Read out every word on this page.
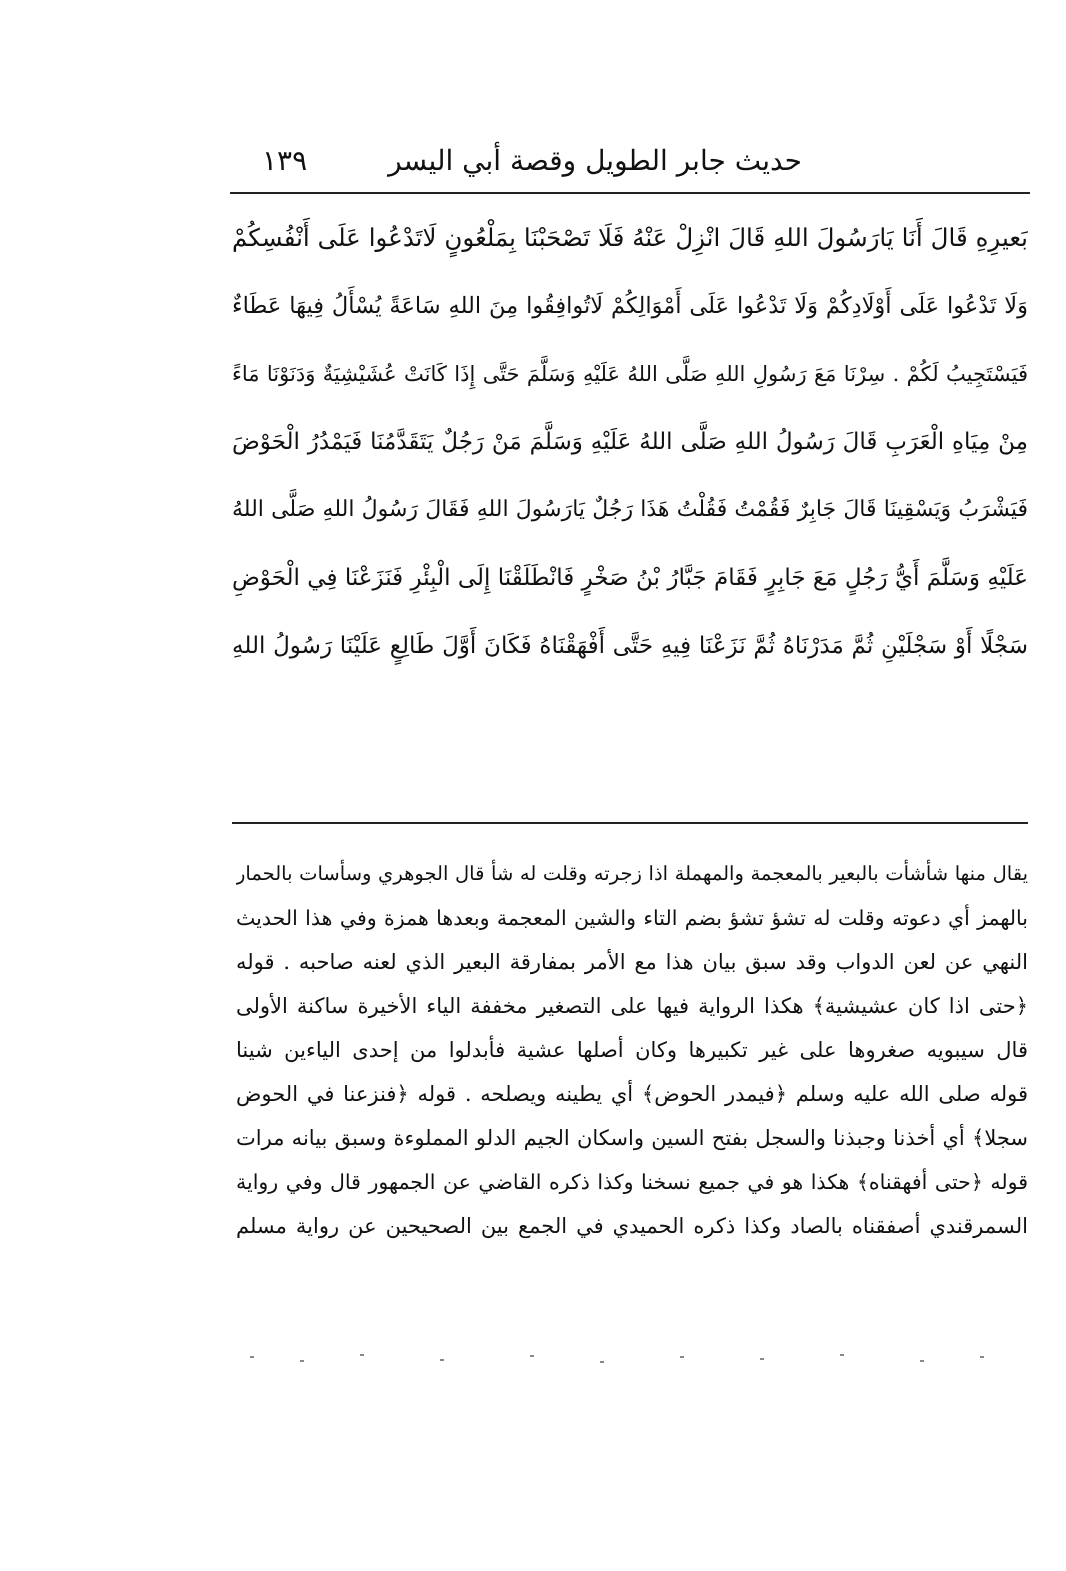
حديث جابر الطويل وقصة أبي اليسر
١٣٩
بَعيرِهِ قَالَ أَنَا يَارَسُولَ اللهِ قَالَ انْزِلْ عَنْهُ فَلَا تَصْحَبْنَا بِمَلْعُونٍ لَاتَدْعُوا عَلَى أَنْفُسِكُمْ
وَلَا تَدْعُوا عَلَى أَوْلَادِكُمْ وَلَا تَدْعُوا عَلَى أَمْوَالِكُمْ لَاتُوافِقُوا مِنَ اللهِ سَاعَةً يُسْأَلُ فِيهَا عَطَاءٌ
فَيَسْتَجِيبُ لَكُمْ . سِرْنَا مَعَ رَسُولِ اللهِ صَلَّى اللهُ عَلَيْهِ وَسَلَّمَ حَتَّى إِذَا كَانَتْ عُشَيْشِيَةٌ وَدَنَوْنَا مَاءً
مِنْ مِيَاهِ الْعَرَبِ قَالَ رَسُولُ اللهِ صَلَّى اللهُ عَلَيْهِ وَسَلَّمَ مَنْ رَجُلٌ يَتَقَدَّمُنَا فَيَمْدُرُ الْحَوْضَ
فَيَشْرَبُ وَيَسْقِينَا قَالَ جَابِرٌ فَقُمْتُ فَقُلْتُ هَذَا رَجُلٌ يَارَسُولَ اللهِ فَقَالَ رَسُولُ اللهِ صَلَّى اللهُ
عَلَيْهِ وَسَلَّمَ أَيُّ رَجُلٍ مَعَ جَابِرٍ فَقَامَ جَبَّارُ بْنُ صَخْرٍ فَانْطَلَقْنَا إِلَى الْبِئْرِ فَنَزَعْنَا فِي الْحَوْضِ
سَجْلًا أَوْ سَجْلَيْنِ ثُمَّ مَدَرْنَاهُ ثُمَّ نَزَعْنَا فِيهِ حَتَّى أَفْهَقْنَاهُ فَكَانَ أَوَّلَ طَالِعٍ عَلَيْنَا رَسُولُ اللهِ
يقال منها شأشأت بالبعير بالمعجمة والمهملة اذا زجرته وقلت له شأ قال الجوهري وسأسات بالحمار
بالهمز أي دعوته وقلت له تشؤ تشؤ بضم التاء والشين المعجمة وبعدها همزة وفي هذا الحديث
النهي عن لعن الدواب وقد سبق بيان هذا مع الأمر بمفارقة البعير الذي لعنه صاحبه . قوله
﴿حتى اذا كان عشيشية﴾ هكذا الرواية فيها على التصغير مخففة الياء الأخيرة ساكنة الأولى
قال سيبويه صغروها على غير تكبيرها وكان أصلها عشية فأبدلوا من إحدى الياءين شينا
قوله صلى الله عليه وسلم ﴿فيمدر الحوض﴾ أي يطينه ويصلحه . قوله ﴿فنزعنا في الحوض
سجلا﴾ أي أخذنا وجبذنا والسجل بفتح السين واسكان الجيم الدلو المملوءة وسبق بيانه مرات
قوله ﴿حتى أفهقناه﴾ هكذا هو في جميع نسخنا وكذا ذكره القاضي عن الجمهور قال وفي رواية
السمرقندي أصفقناه بالصاد وكذا ذكره الحميدي في الجمع بين الصحيحين عن رواية مسلم
